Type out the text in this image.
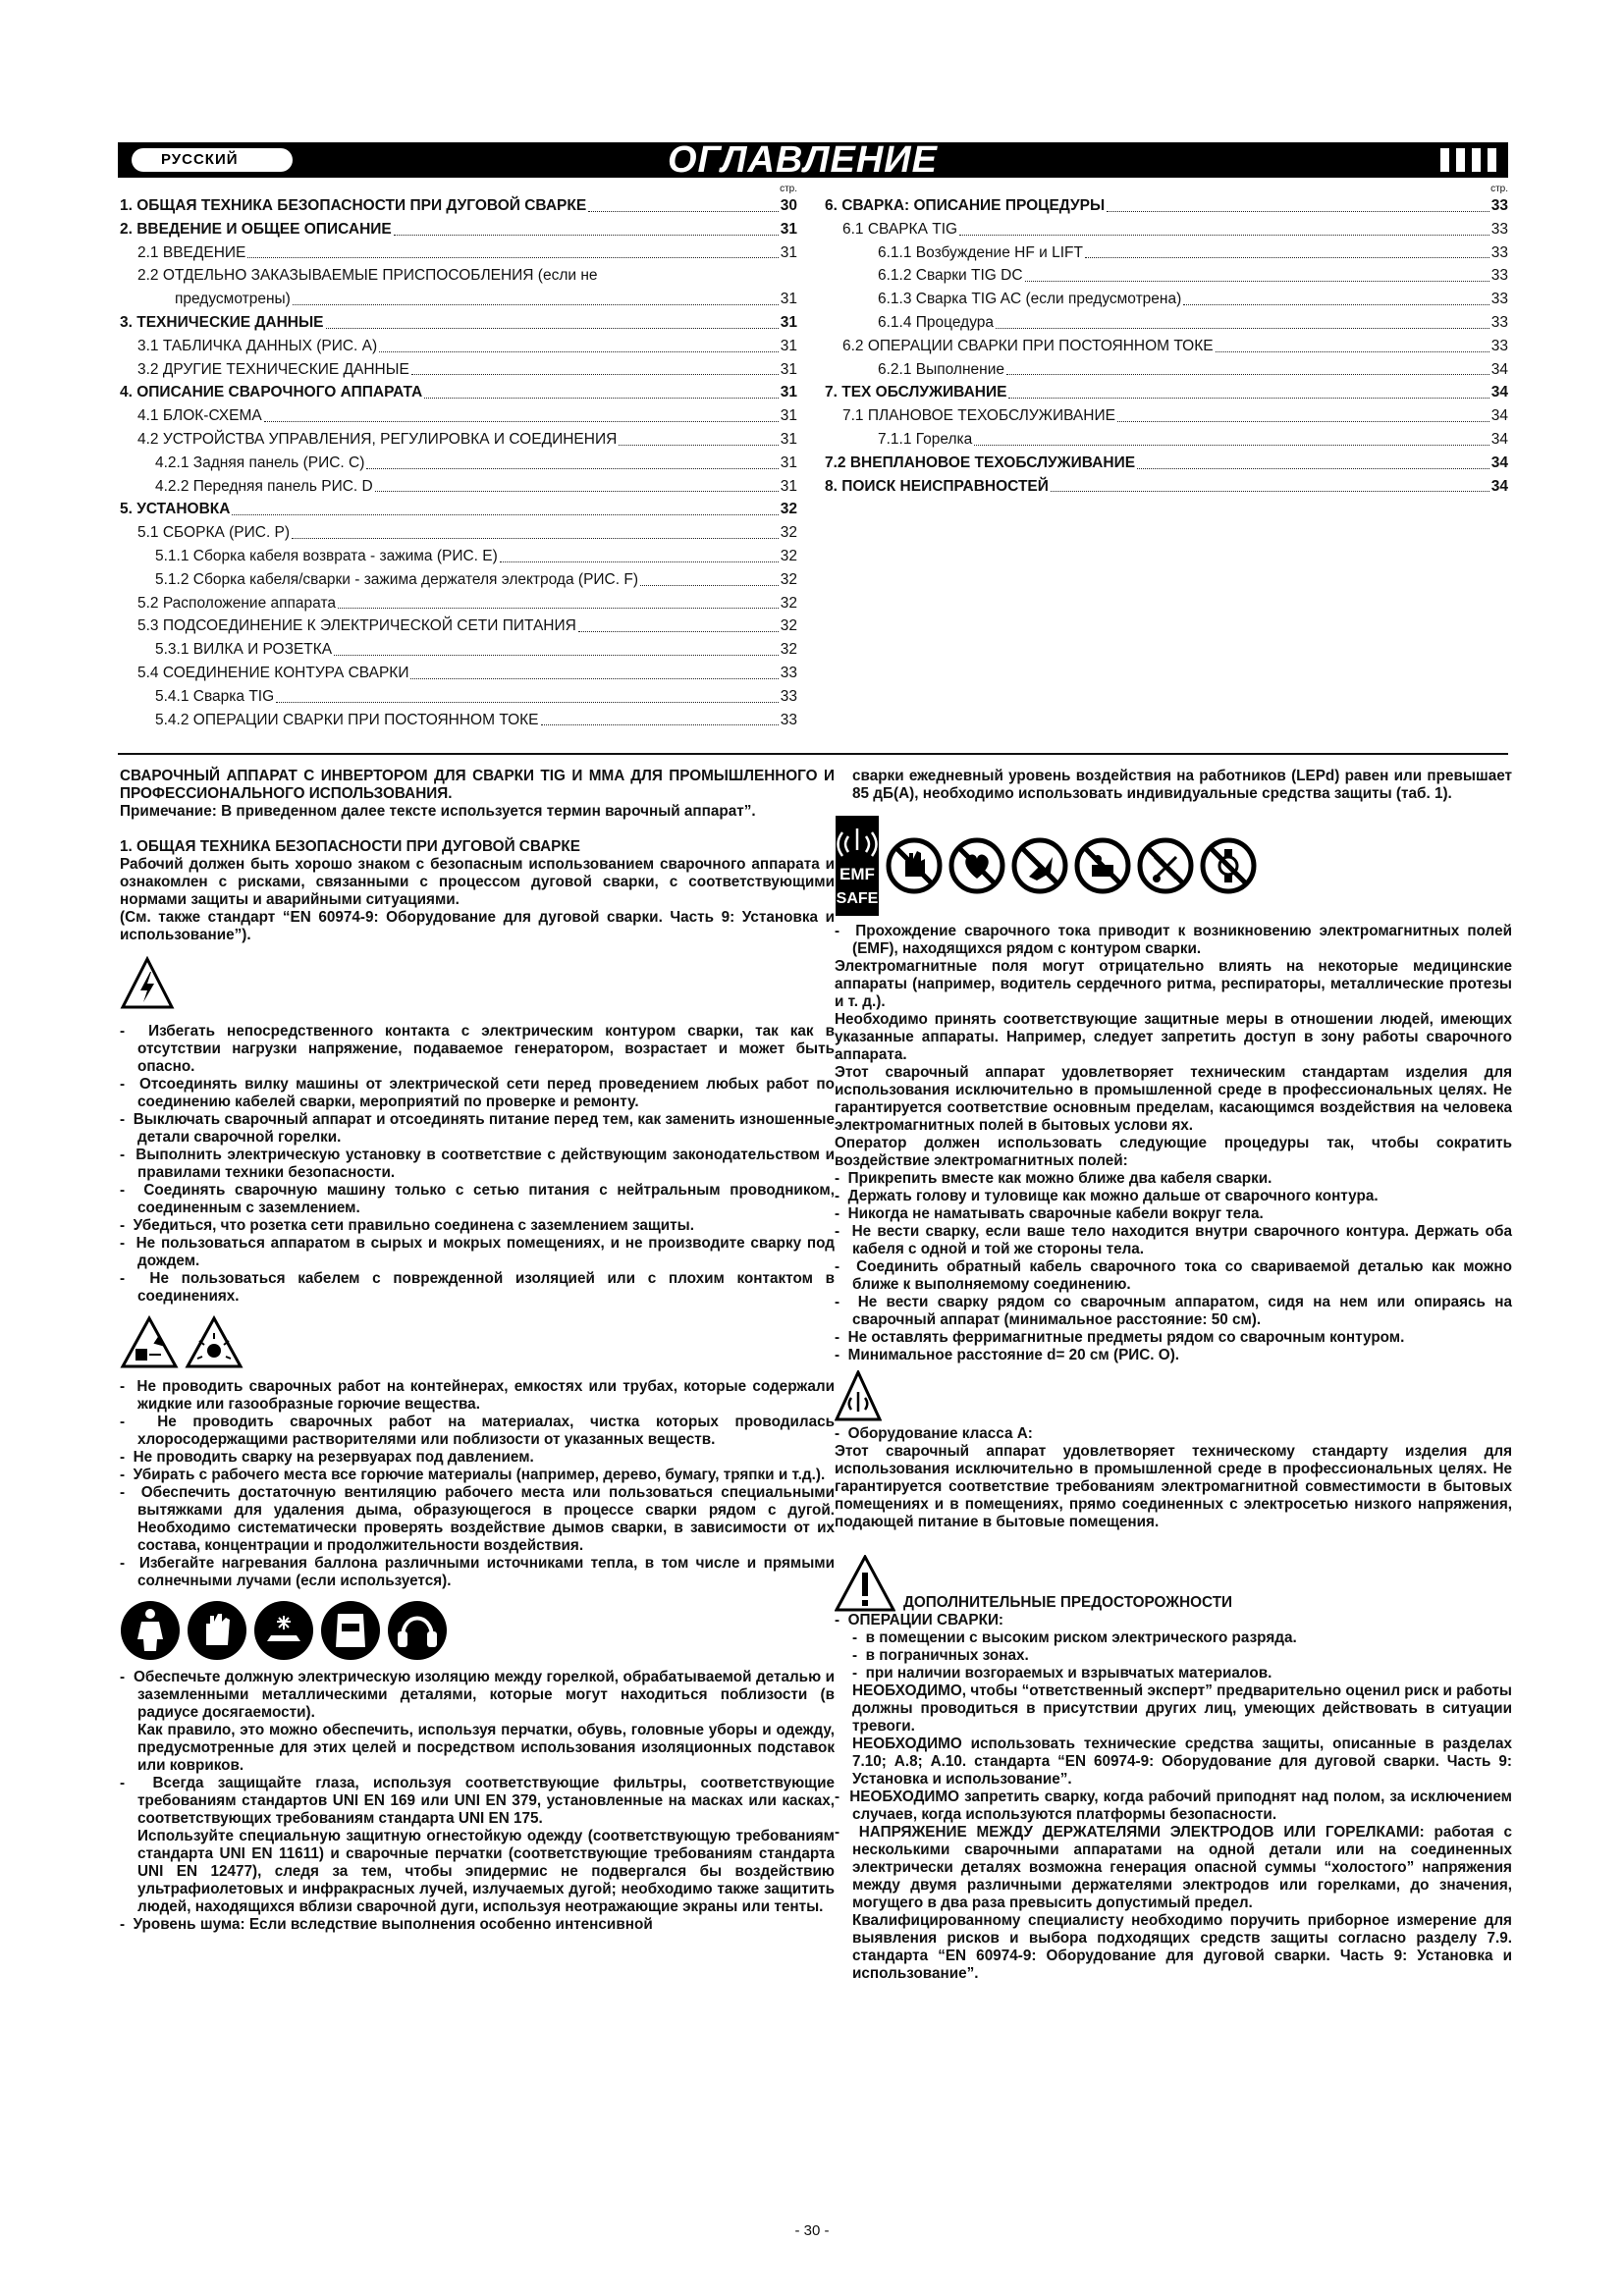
РУССКИЙ	ОГЛАВЛЕНИЕ
стр.
1. ОБЩАЯ ТЕХНИКА БЕЗОПАСНОСТИ ПРИ ДУГОВОЙ СВАРКЕ	30
2. ВВЕДЕНИЕ И ОБЩЕЕ ОПИСАНИЕ	31
2.1 ВВЕДЕНИЕ	31
2.2 ОТДЕЛЬНО ЗАКАЗЫВАЕМЫЕ ПРИСПОСОБЛЕНИЯ (если не
предусмотрены)	31
3. ТЕХНИЧЕСКИЕ ДАННЫЕ	31
3.1 ТАБЛИЧКА ДАННЫХ (РИС. А)	31
3.2 ДРУГИЕ ТЕХНИЧЕСКИЕ ДАННЫЕ	31
4. ОПИСАНИЕ СВАРОЧНОГО АППАРАТА	31
4.1 БЛОК-СХЕМА	31
4.2 УСТРОЙСТВА УПРАВЛЕНИЯ, РЕГУЛИРОВКА И СОЕДИНЕНИЯ	31
4.2.1 Задняя панель (РИС. С)	31
4.2.2 Передняя панель РИС. D	31
5. УСТАНОВКА	32
5.1 СБОРКА (РИС. Р)	32
5.1.1 Сборка кабеля возврата - зажима (РИС. Е)	32
5.1.2 Сборка кабеля/сварки - зажима держателя электрода (РИС. F)	32
5.2 Расположение аппарата	32
5.3 ПОДСОЕДИНЕНИЕ К ЭЛЕКТРИЧЕСКОЙ СЕТИ ПИТАНИЯ	32
5.3.1 ВИЛКА И РОЗЕТКА	32
5.4 СОЕДИНЕНИЕ КОНТУРА СВАРКИ	33
5.4.1 Сварка TIG	33
5.4.2 ОПЕРАЦИИ СВАРКИ ПРИ ПОСТОЯННОМ ТОКЕ	33
стр.
6. СВАРКА: ОПИСАНИЕ ПРОЦЕДУРЫ	33
6.1 СВАРКА TIG	33
6.1.1 Возбуждение HF и LIFT	33
6.1.2 Сварки TIG DC	33
6.1.3 Сварка TIG AC (если предусмотрена)	33
6.1.4 Процедура	33
6.2 ОПЕРАЦИИ СВАРКИ ПРИ ПОСТОЯННОМ ТОКЕ	33
6.2.1 Выполнение	34
7. ТЕХ ОБСЛУЖИВАНИЕ	34
7.1 ПЛАНОВОЕ ТЕХОБСЛУЖИВАНИЕ	34
7.1.1 Горелка	34
7.2 ВНЕПЛАНОВОЕ ТЕХОБСЛУЖИВАНИЕ	34
8. ПОИСК НЕИСПРАВНОСТЕЙ	34

СВАРОЧНЫЙ АППАРАТ С ИНВЕРТОРОМ ДЛЯ СВАРКИ TIG И MMA ДЛЯ ПРОМЫШЛЕННОГО И ПРОФЕССИОНАЛЬНОГО ИСПОЛЬЗОВАНИЯ.

Примечание: В приведенном далее тексте используется термин варочный аппарат”.

1. ОБЩАЯ ТЕХНИКА БЕЗОПАСНОСТИ ПРИ ДУГОВОЙ СВАРКЕ

Рабочий должен быть хорошо знаком с безопасным использованием сварочного аппарата и ознакомлен с рисками, связанными с процессом дуговой сварки, с соответствующими нормами защиты и аварийными ситуациями.

(См. также стандарт “EN 60974-9: Оборудование для дуговой сварки. Часть 9: Установка и использование”).

-  Избегать непосредственного контакта с электрическим контуром сварки, так как в отсутствии нагрузки напряжение, подаваемое генератором, возрастает и может быть опасно.

-  Отсоединять вилку машины от электрической сети перед проведением любых работ по соединению кабелей сварки, мероприятий по проверке и ремонту.

-  Выключать сварочный аппарат и отсоединять питание перед тем, как заменить изношенные детали сварочной горелки.

-  Выполнить электрическую установку в соответствие с действующим законодательством и правилами техники безопасности.

-  Соединять сварочную машину только с сетью питания с нейтральным проводником, соединенным с заземлением.

-  Убедиться, что розетка сети правильно соединена с заземлением защиты.

-  Не пользоваться аппаратом в сырых и мокрых помещениях, и не производите сварку под дождем.

-  Не пользоваться кабелем с поврежденной изоляцией или с плохим контактом в соединениях.

-  Не проводить сварочных работ на контейнерах, емкостях или трубах, которые содержали жидкие или газообразные горючие вещества.

-  Не проводить сварочных работ на материалах, чистка которых проводилась хлоросодержащими растворителями или поблизости от указанных веществ.

-  Не проводить сварку на резервуарах под давлением.

-  Убирать с рабочего места все горючие материалы (например, дерево, бумагу, тряпки и т.д.).

-  Обеспечить достаточную вентиляцию рабочего места или пользоваться специальными вытяжками для удаления дыма, образующегося в процессе сварки рядом с дугой. Необходимо систематически проверять воздействие дымов сварки, в зависимости от их состава, концентрации и продолжительности воздействия.

-  Избегайте нагревания баллона различными источниками тепла, в том числе и прямыми солнечными лучами (если используется).

-  Обеспечьте должную электрическую изоляцию между горелкой, обрабатываемой деталью и заземленными металлическими деталями, которые могут находиться поблизости (в радиусе досягаемости).

Как правило, это можно обеспечить, используя перчатки, обувь, головные уборы и одежду, предусмотренные для этих целей и посредством использования изоляционных подставок или ковриков.

-  Всегда защищайте глаза, используя соответствующие фильтры, соответствующие требованиям стандартов UNI EN 169 или UNI EN 379, установленные на масках или касках, соответствующих требованиям стандарта UNI EN 175.

Используйте специальную защитную огнестойкую одежду (соответствующую требованиям стандарта UNI EN 11611) и сварочные перчатки (соответствующие требованиям стандарта UNI EN 12477), следя за тем, чтобы эпидермис не подвергался бы воздействию ультрафиолетовых и инфракрасных лучей, излучаемых дугой; необходимо также защитить людей, находящихся вблизи сварочной дуги, используя неотражающие экраны или тенты.

-  Уровень шума: Если вследствие выполнения особенно интенсивной

сварки ежедневный уровень воздействия на работников (LEPd) равен или превышает 85 дБ(А), необходимо использовать индивидуальные средства защиты (таб. 1).

EMF
SAFE

-  Прохождение сварочного тока приводит к возникновению электромагнитных полей (EMF), находящихся рядом с контуром сварки.

Электромагнитные поля могут отрицательно влиять на некоторые медицинские аппараты (например, водитель сердечного ритма, респираторы, металлические протезы и т. д.).

Необходимо принять соответствующие защитные меры в отношении людей, имеющих указанные аппараты. Например, следует запретить доступ в зону работы сварочного аппарата.

Этот сварочный аппарат удовлетворяет техническим стандартам изделия для использования исключительно в промышленной среде в профессиональных целях. Не гарантируется соответствие основным пределам, касающимся воздействия на человека электромагнитных полей в бытовых услови ях.

Оператор должен использовать следующие процедуры так, чтобы сократить воздействие электромагнитных полей:

-  Прикрепить вместе как можно ближе два кабеля сварки.

-  Держать голову и туловище как можно дальше от сварочного контура.

-  Никогда не наматывать сварочные кабели вокруг тела.

-  Не вести сварку, если ваше тело находится внутри сварочного контура. Держать оба кабеля с одной и той же стороны тела.

-  Соединить обратный кабель сварочного тока со свариваемой деталью как можно ближе к выполняемому соединению.

-  Не вести сварку рядом со сварочным аппаратом, сидя на нем или опираясь на сварочный аппарат (минимальное расстояние: 50 см).

-  Не оставлять ферримагнитные предметы рядом со сварочным контуром.

-  Минимальное расстояние d= 20 см (РИС. О).

-  Оборудование класса А:

Этот сварочный аппарат удовлетворяет техническому стандарту изделия для использования исключительно в промышленной среде в профессиональных целях. Не гарантируется соответствие требованиям электромагнитной совместимости в бытовых помещениях и в помещениях, прямо соединенных с электросетью низкого напряжения, подающей питание в бытовые помещения.

ДОПОЛНИТЕЛЬНЫЕ ПРЕДОСТОРОЖНОСТИ

-  ОПЕРАЦИИ СВАРКИ:

-  в помещении с высоким риском электрического разряда.

-  в пограничных зонах.

-  при наличии возгораемых и взрывчатых материалов.

НЕОБХОДИМО, чтобы “ответственный эксперт” предварительно оценил риск и работы должны проводиться в присутствии других лиц, умеющих действовать в ситуации тревоги.

НЕОБХОДИМО использовать технические средства защиты, описанные в разделах 7.10; А.8; А.10. стандарта “EN 60974-9: Оборудование для дуговой сварки. Часть 9: Установка и использование”.

-  НЕОБХОДИМО запретить сварку, когда рабочий приподнят над полом, за исключением случаев, когда используются платформы безопасности.

-  НАПРЯЖЕНИЕ МЕЖДУ ДЕРЖАТЕЛЯМИ ЭЛЕКТРОДОВ ИЛИ ГОРЕЛКАМИ: работая с несколькими сварочными аппаратами на одной детали или на соединенных электрически деталях возможна генерация опасной суммы “холостого” напряжения между двумя различными держателями электродов или горелками, до значения, могущего в два раза превысить допустимый предел.

Квалифицированному специалисту необходимо поручить приборное измерение для выявления рисков и выбора подходящих средств защиты согласно разделу 7.9. стандарта “EN 60974-9: Оборудование для дуговой сварки. Часть 9: Установка и использование”.

- 30 -
